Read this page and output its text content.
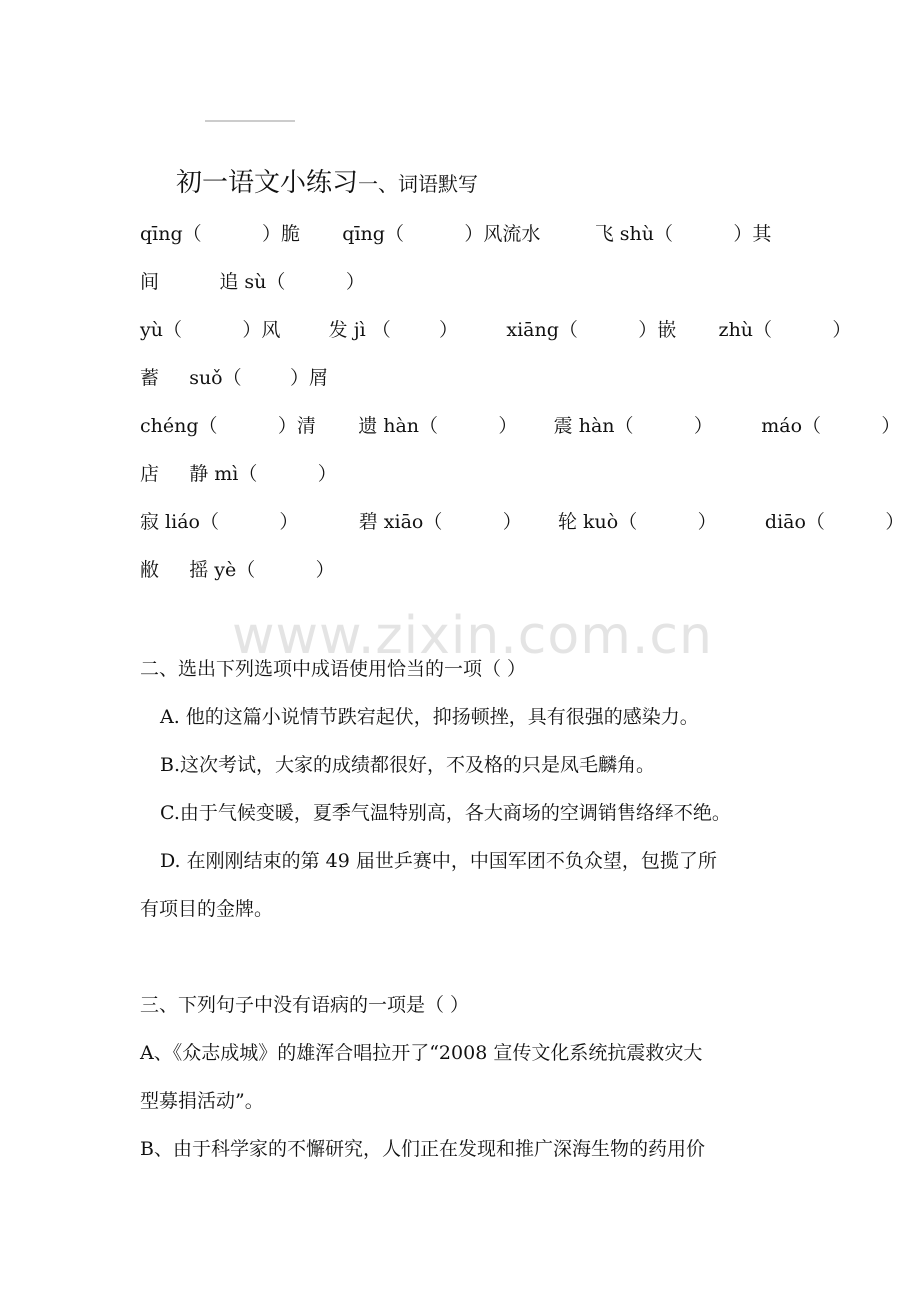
初一语文小练习一、词语默写
qīng（          ）脆       qīng（          ）风流水         飞 shù（          ）其
间          追 sù（          ）
yù（          ）风        发 jì （        ）        xiāng（          ）嵌       zhù（          ）
蓄     suǒ（        ）屑
chéng（          ）清       遗 hàn（          ）      震 hàn（          ）        máo（          ）
店     静 mì（          ）
寂 liáo（          ）          碧 xiāo（          ）      轮 kuò（          ）        diāo（          ）
敝     摇 yè（          ）
www.zixin.com.cn
二、选出下列选项中成语使用恰当的一项（ ）
A. 他的这篇小说情节跌宕起伏，抑扬顿挫，具有很强的感染力。
B.这次考试，大家的成绩都很好，不及格的只是凤毛麟角。
C.由于气候变暖，夏季气温特别高，各大商场的空调销售络绎不绝。
D. 在刚刚结束的第 49 届世乒赛中，中国军团不负众望，包揽了所
有项目的金牌。
三、下列句子中没有语病的一项是（ ）
A、《众志成城》的雄浑合唱拉开了“2008 宣传文化系统抗震救灾大
型募捐活动”。
B、由于科学家的不懈研究，人们正在发现和推广深海生物的药用价
